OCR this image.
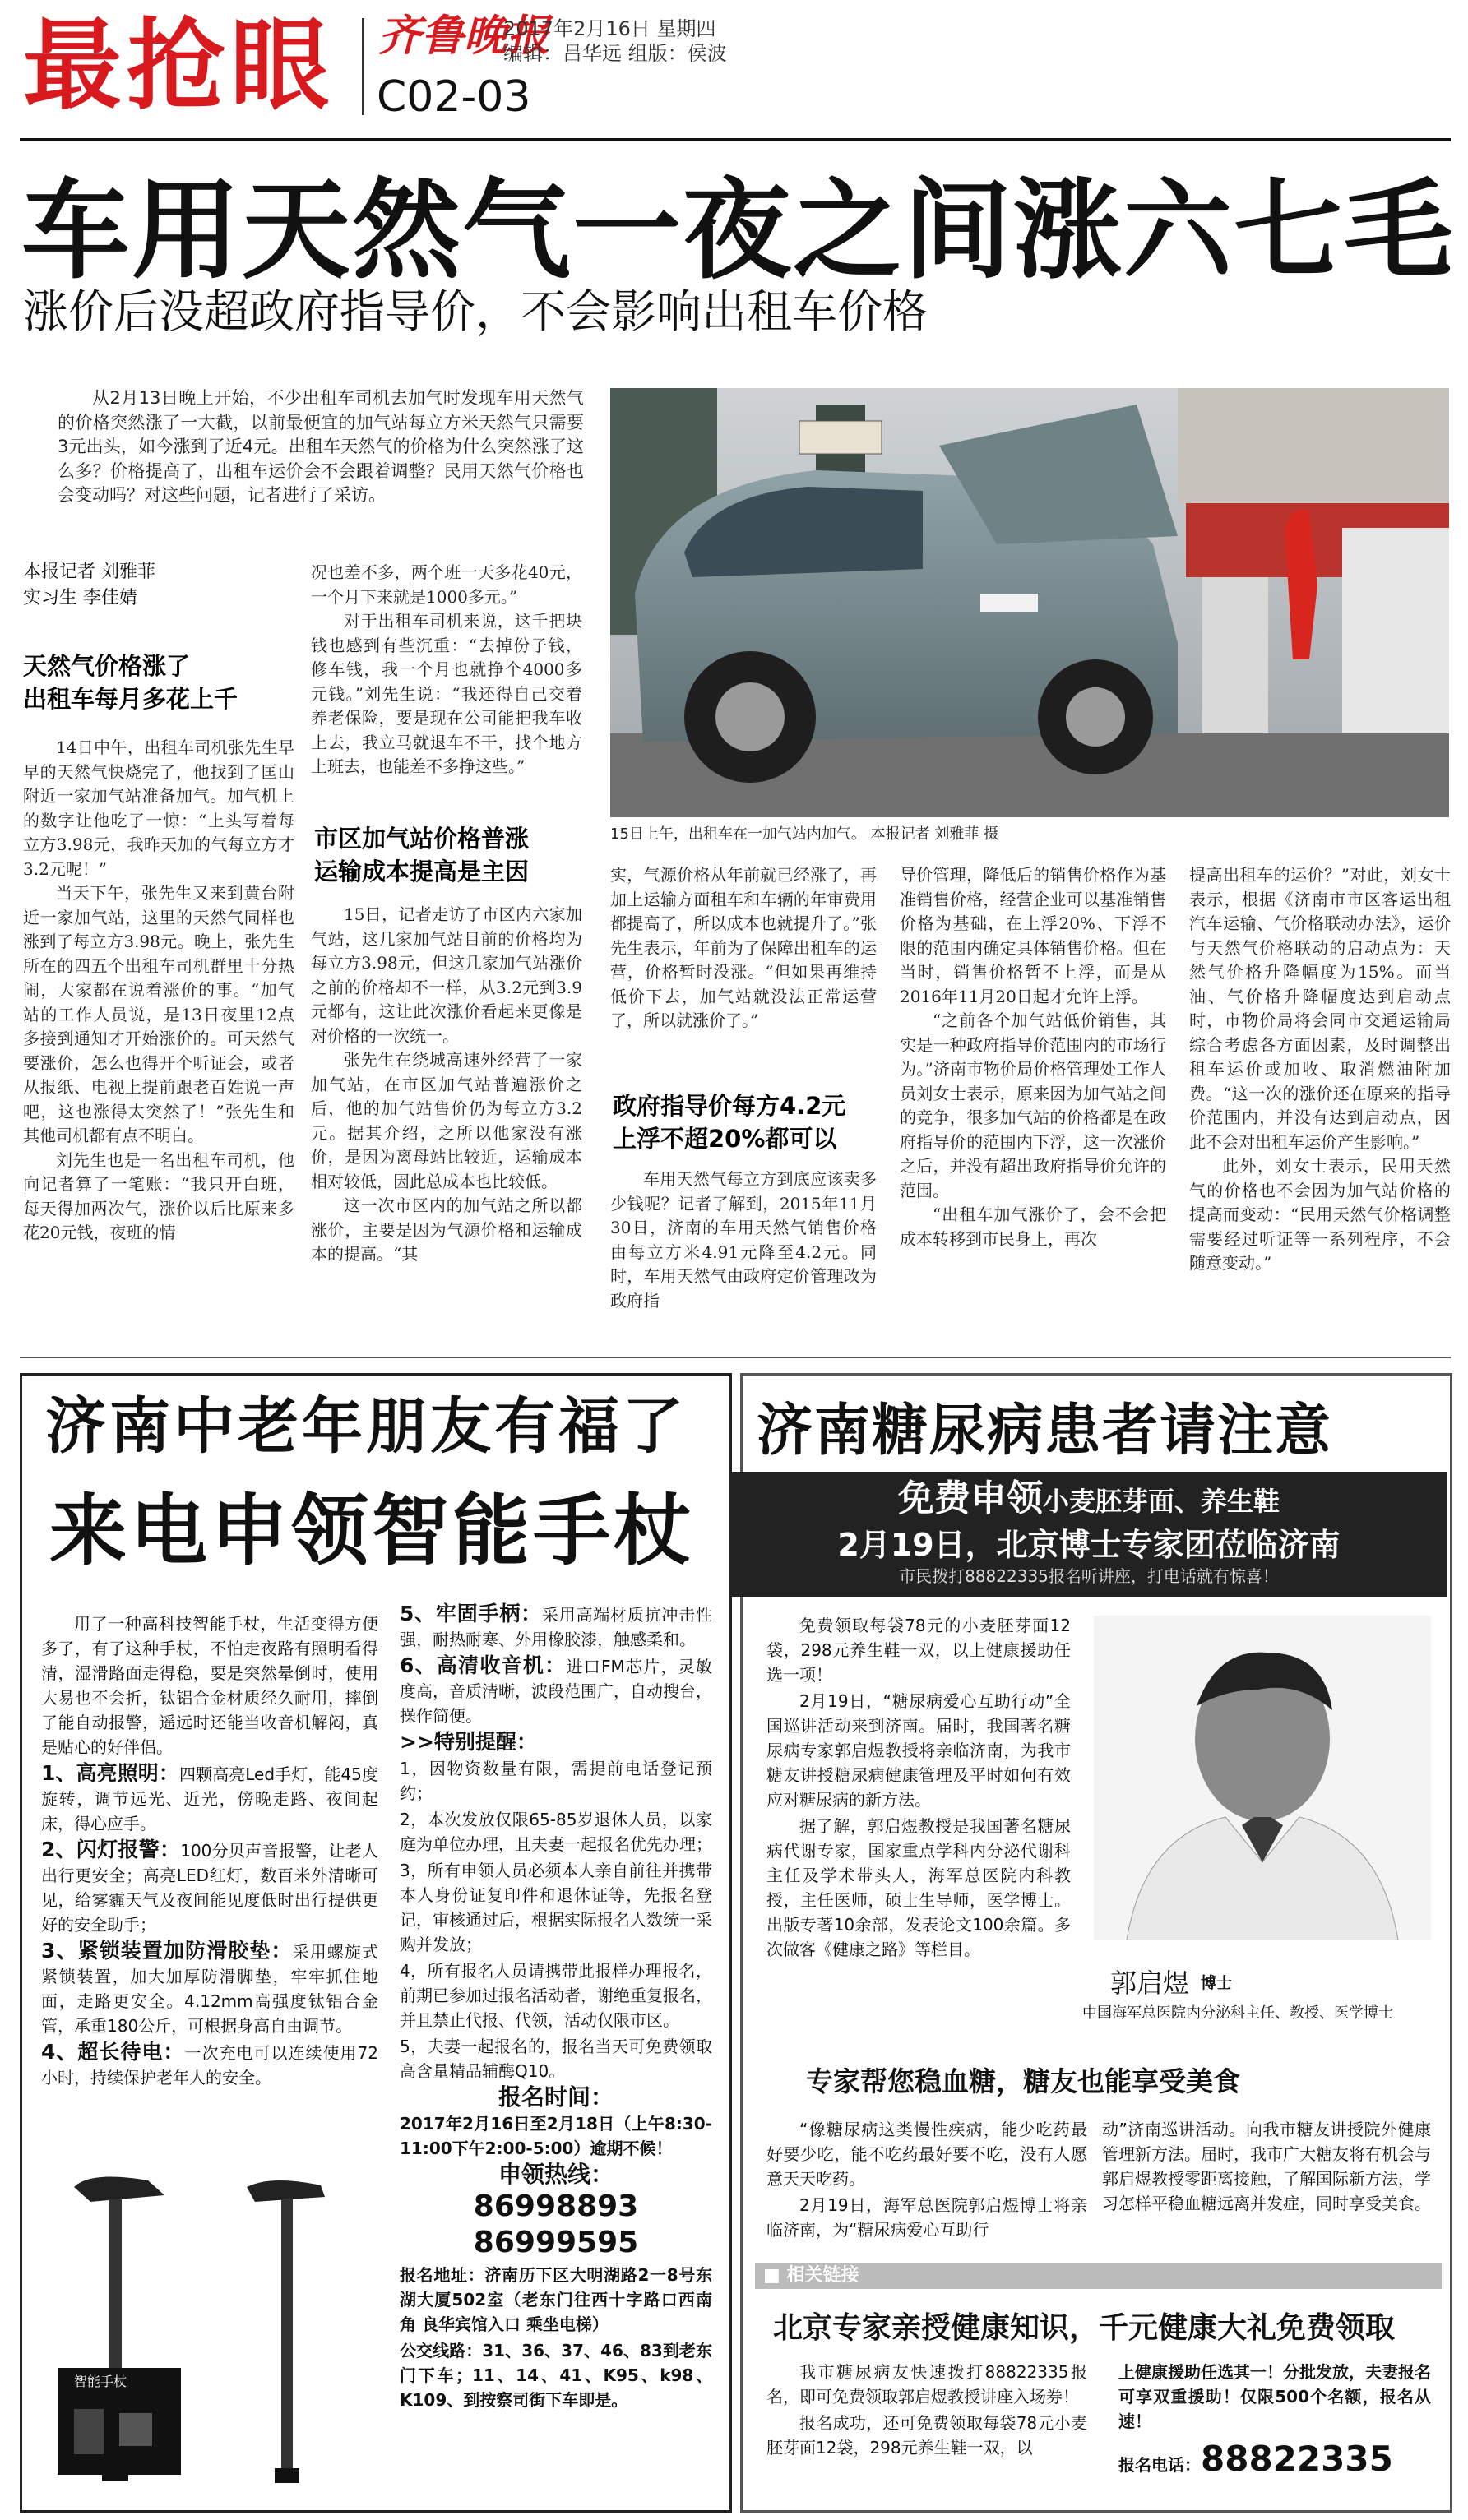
最抢眼 齐鲁晚报
2017年2月16日 星期四
编辑：吕华远 组版：侯波
C02-03
车用天然气一夜之间涨六七毛
涨价后没超政府指导价，不会影响出租车价格
从2月13日晚上开始，不少出租车司机去加气时发现车用天然气的价格突然涨了一大截，以前最便宜的加气站每立方米天然气只需要3元出头，如今涨到了近4元。出租车天然气的价格为什么突然涨了这么多？价格提高了，出租车运价会不会跟着调整？民用天然气价格也会变动吗？对这些问题，记者进行了采访。
本报记者 刘雅菲
实习生 李佳婧
天然气价格涨了
出租车每月多花上千

14日中午，出租车司机张先生早早的天然气快烧完了，他找到了匡山附近一家加气站准备加气。加气机上的数字让他吃了一惊：“上头写着每立方3.98元，我昨天加的气每立方才3.2元呢！”

当天下午，张先生又来到黄台附近一家加气站，这里的天然气同样也涨到了每立方3.98元。晚上，张先生所在的四五个出租车司机群里十分热闹，大家都在说着涨价的事。“加气站的工作人员说，是13日夜里12点多接到通知才开始涨价的。可天然气要涨价，怎么也得开个听证会，或者从报纸、电视上提前跟老百姓说一声吧，这也涨得太突然了！”张先生和其他司机都有点不明白。

刘先生也是一名出租车司机，他向记者算了一笔账：“我只开白班，每天得加两次气，涨价以后比原来多花20元钱，夜班的情

况也差不多，两个班一天多花40元，一个月下来就是1000多元。”

对于出租车司机来说，这千把块钱也感到有些沉重：“去掉份子钱，修车钱，我一个月也就挣个4000多元钱。”刘先生说：“我还得自己交着养老保险，要是现在公司能把我车收上去，我立马就退车不干，找个地方上班去，也能差不多挣这些。”

市区加气站价格普涨
运输成本提高是主因

15日，记者走访了市区内六家加气站，这几家加气站目前的价格均为每立方3.98元，但这几家加气站涨价之前的价格却不一样，从3.2元到3.9元都有，这让此次涨价看起来更像是对价格的一次统一。

张先生在绕城高速外经营了一家加气站，在市区加气站普遍涨价之后，他的加气站售价仍为每立方3.2元。据其介绍，之所以他家没有涨价，是因为离母站比较近，运输成本相对较低，因此总成本也比较低。

这一次市区内的加气站之所以都涨价，主要是因为气源价格和运输成本的提高。“其

15日上午，出租车在一加气站内加气。 本报记者 刘雅菲 摄

实，气源价格从年前就已经涨了，再加上运输方面租车和车辆的年审费用都提高了，所以成本也就提升了。”张先生表示，年前为了保障出租车的运营，价格暂时没涨。“但如果再维持低价下去，加气站就没法正常运营了，所以就涨价了。”

政府指导价每方4.2元
上浮不超20%都可以

车用天然气每立方到底应该卖多少钱呢？记者了解到，2015年11月30日，济南的车用天然气销售价格由每立方米4.91元降至4.2元。同时，车用天然气由政府定价管理改为政府指

导价管理，降低后的销售价格作为基准销售价格，经营企业可以基准销售价格为基础，在上浮20%、下浮不限的范围内确定具体销售价格。但在当时，销售价格暂不上浮，而是从2016年11月20日起才允许上浮。

“之前各个加气站低价销售，其实是一种政府指导价范围内的市场行为。”济南市物价局价格管理处工作人员刘女士表示，原来因为加气站之间的竞争，很多加气站的价格都是在政府指导价的范围内下浮，这一次涨价之后，并没有超出政府指导价允许的范围。

“出租车加气涨价了，会不会把成本转移到市民身上，再次

提高出租车的运价？”对此，刘女士表示，根据《济南市市区客运出租汽车运输、气价格联动办法》，运价与天然气价格联动的启动点为：天然气价格升降幅度为15%。而当油、气价格升降幅度达到启动点时，市物价局将会同市交通运输局综合考虑各方面因素，及时调整出租车运价或加收、取消燃油附加费。“这一次的涨价还在原来的指导价范围内，并没有达到启动点，因此不会对出租车运价产生影响。”

此外，刘女士表示，民用天然气的价格也不会因为加气站价格的提高而变动：“民用天然气价格调整需要经过听证等一系列程序，不会随意变动。”

济南中老年朋友有福了
来电申领智能手杖

用了一种高科技智能手杖，生活变得方便多了，有了这种手杖，不怕走夜路有照明看得清，湿滑路面走得稳，要是突然晕倒时，使用大易也不会折，钛铝合金材质经久耐用，摔倒了能自动报警，遥远时还能当收音机解闷，真是贴心的好伴侣。

1、高亮照明：四颗高亮Led手灯，能45度旋转，调节远光、近光，傍晚走路、夜间起床，得心应手。

2、闪灯报警：100分贝声音报警，让老人出行更安全；高亮LED红灯，数百米外清晰可见，给雾霾天气及夜间能见度低时出行提供更好的安全助手；

3、紧锁装置加防滑胶垫：采用螺旋式紧锁装置，加大加厚防滑脚垫，牢牢抓住地面，走路更安全。4.12mm高强度钛铝合金管，承重180公斤，可根据身高自由调节。

4、超长待电：一次充电可以连续使用72小时，持续保护老年人的安全。

智能手杖

5、牢固手柄：采用高端材质抗冲击性强，耐热耐寒、外用橡胶漆，触感柔和。

6、高清收音机：进口FM芯片，灵敏度高，音质清晰，波段范围广，自动搜台，操作简便。

>>特别提醒：

1，因物资数量有限，需提前电话登记预约；

2，本次发放仅限65-85岁退休人员，以家庭为单位办理，且夫妻一起报名优先办理；

3，所有申领人员必须本人亲自前往并携带本人身份证复印件和退休证等，先报名登记，审核通过后，根据实际报名人数统一采购并发放；

4，所有报名人员请携带此报样办理报名，前期已参加过报名活动者，谢绝重复报名，并且禁止代报、代领，活动仅限市区。

5，夫妻一起报名的，报名当天可免费领取高含量精品辅酶Q10。

报名时间：

2017年2月16日至2月18日（上午8:30-11:00下午2:00-5:00）逾期不候！

申领热线：

86998893 86999595

报名地址：济南历下区大明湖路2一8号东湖大厦502室（老东门往西十字路口西南角 良华宾馆入口 乘坐电梯）

公交线路：31、36、37、46、83到老东门下车；11、14、41、K95、k98、K109、到按察司街下车即是。

济南糖尿病患者请注意
免费申领小麦胚芽面、养生鞋
2月19日，北京博士专家团莅临济南
市民拨打88822335报名听讲座，打电话就有惊喜！

免费领取每袋78元的小麦胚芽面12袋，298元养生鞋一双，以上健康援助任选一项！

2月19日，“糖尿病爱心互助行动”全国巡讲活动来到济南。届时，我国著名糖尿病专家郭启煜教授将亲临济南，为我市糖友讲授糖尿病健康管理及平时如何有效应对糖尿病的新方法。

据了解，郭启煜教授是我国著名糖尿病代谢专家，国家重点学科内分泌代谢科主任及学术带头人，海军总医院内科教授，主任医师，硕士生导师，医学博士。出版专著10余部，发表论文100余篇。多次做客《健康之路》等栏目。

郭启煜 博士
中国海军总医院内分泌科主任、教授、医学博士
专家帮您稳血糖，糖友也能享受美食

“像糖尿病这类慢性疾病，能少吃药最好要少吃，能不吃药最好要不吃，没有人愿意天天吃药。

2月19日，海军总医院郭启煜博士将亲临济南，为“糖尿病爱心互助行

动”济南巡讲活动。向我市糖友讲授院外健康管理新方法。届时，我市广大糖友将有机会与郭启煜教授零距离接触，了解国际新方法，学习怎样平稳血糖远离并发症，同时享受美食。

■ 相关链接
北京专家亲授健康知识，千元健康大礼免费领取

我市糖尿病友快速拨打88822335报名，即可免费领取郭启煜教授讲座入场券！

报名成功，还可免费领取每袋78元小麦胚芽面12袋，298元养生鞋一双，以

上健康援助任选其一！分批发放，夫妻报名可享双重援助！仅限500个名额，报名从速！

报名电话：88822335
